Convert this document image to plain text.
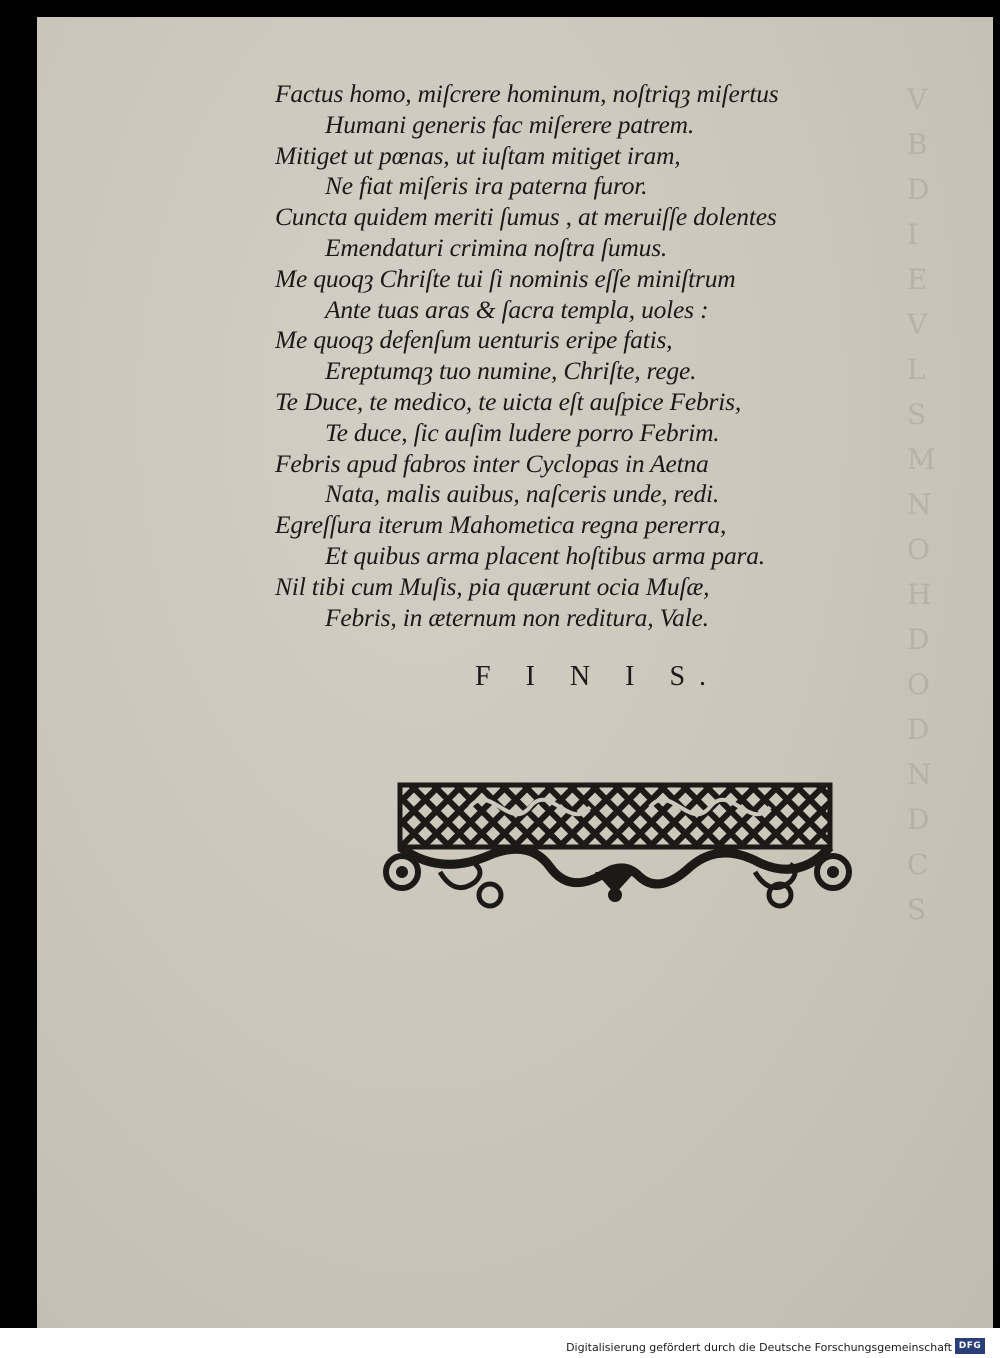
V
B
D
I
E
V
L
S
M
N
O
H
D
O
D
N
D
C
S
Factus homo, miſcrere hominum, noſtriqȝ miſertus
Humani generis fac miſerere patrem.
Mitiget ut pœnas, ut iuſtam mitiget iram,
Ne fiat miſeris ira paterna furor.
Cuncta quidem meriti ſumus , at meruiſſe dolentes
Emendaturi crimina noſtra ſumus.
Me quoqȝ Chriſte tui ſi nominis eſſe miniſtrum
Ante tuas aras & ſacra templa, uoles :
Me quoqȝ defenſum uenturis eripe fatis,
Ereptumqȝ tuo numine, Chriſte, rege.
Te Duce, te medico, te uicta eſt auſpice Febris,
Te duce, ſic auſim ludere porro Febrim.
Febris apud fabros inter Cyclopas in Aetna
Nata, malis auibus, naſceris unde, redi.
Egreſſura iterum Mahometica regna pererra,
Et quibus arma placent hoſtibus arma para.
Nil tibi cum Muſis, pia quærunt ocia Muſæ,
Febris, in æternum non reditura, Vale.
F I N I S.
Digitalisierung gefördert durch die Deutsche Forschungsgemeinschaft DFG
